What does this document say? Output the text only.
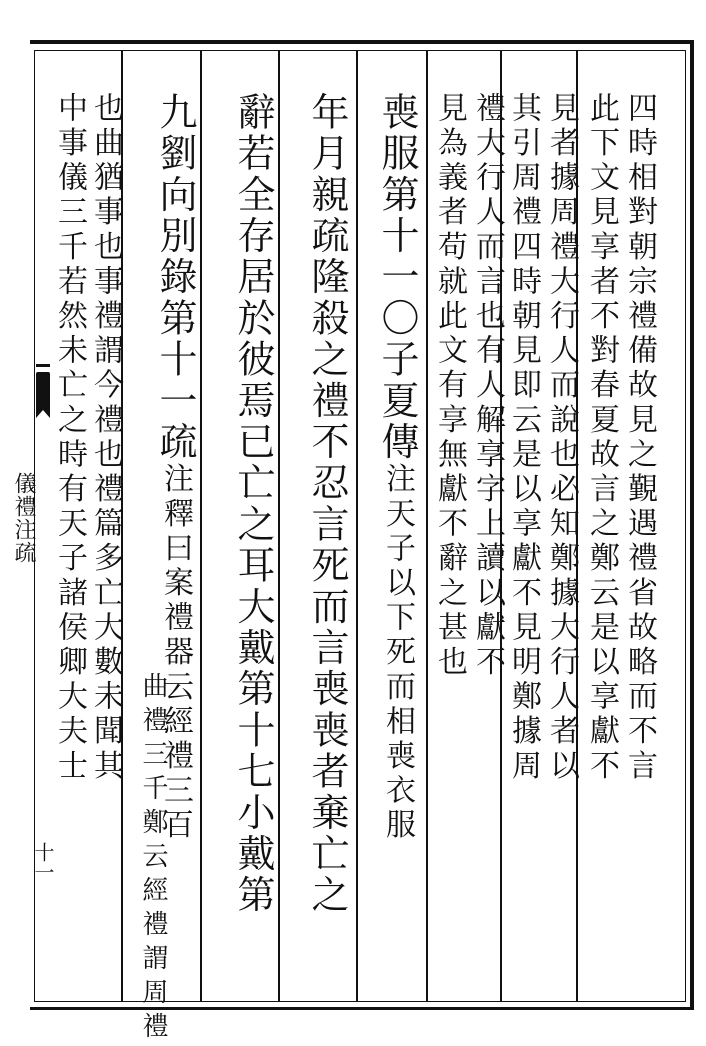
儀禮注疏
十一
四時相對朝宗禮備故見之覲遇禮省故略而不言
此下文見享者不對春夏故言之鄭云是以享獻不
見者據周禮大行人而說也必知鄭據大行人者以
其引周禮四時朝見即云是以享獻不見明鄭據周
禮大行人而言也有人解享字上讀以獻不
見為義者苟就此文有享無獻不辭之甚也
喪服第十一〇子夏傳注天子以下死而相喪衣服
年月親疏隆殺之禮不忍言死而言喪喪者棄亡之
辭若全存居於彼焉已亡之耳大戴第十七小戴第
九劉向別錄第十一疏注釋曰案禮器云經禮三百
曲禮三千鄭云經禮謂周禮
也曲猶事也事禮謂今禮也禮篇多亡大數未聞其
中事儀三千若然未亡之時有天子諸侯卿大夫士
